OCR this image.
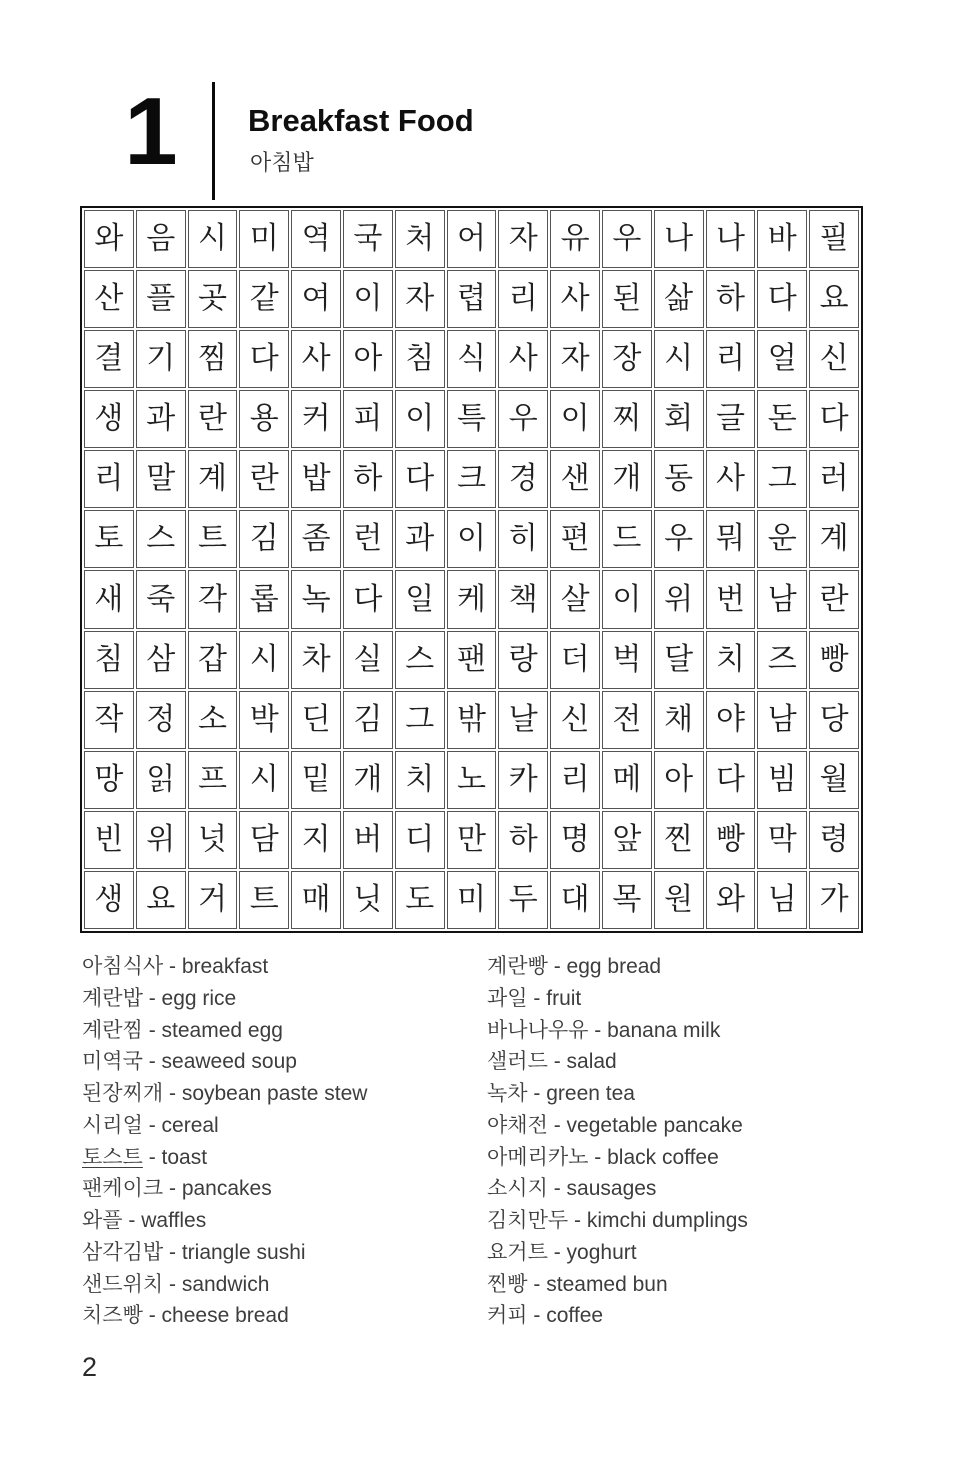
1	Breakfast Food
아침밥
와	음	시	미	역	국	처	어	자	유	우	나	나	바	필
산	플	곳	같	여	이	자	렵	리	사	된	삶	하	다	요
결	기	찜	다	사	아	침	식	사	자	장	시	리	얼	신
생	과	란	용	커	피	이	특	우	이	찌	회	글	돈	다
리	말	계	란	밥	하	다	크	경	샌	개	동	사	그	러
토	스	트	김	좀	런	과	이	히	편	드	우	뭐	운	계
새	죽	각	롭	녹	다	일	케	책	살	이	위	번	남	란
침	삼	갑	시	차	실	스	팬	랑	더	벅	달	치	즈	빵
작	정	소	박	딘	김	그	밖	날	신	전	채	야	남	당
망	읽	프	시	밑	개	치	노	카	리	메	아	다	빔	월
빈	위	넛	담	지	버	디	만	하	명	앞	찐	빵	막	령
생	요	거	트	매	닛	도	미	두	대	목	원	와	님	가
아침식사 - breakfast
계란밥 - egg rice
계란찜 - steamed egg
미역국 - seaweed soup
된장찌개 - soybean paste stew
시리얼 - cereal
토스트 - toast
팬케이크 - pancakes
와플 - waffles
삼각김밥 - triangle sushi
샌드위치 - sandwich
치즈빵 - cheese bread
계란빵 - egg bread
과일 - fruit
바나나우유 - banana milk
샐러드 - salad
녹차 - green tea
야채전 - vegetable pancake
아메리카노 - black coffee
소시지 - sausages
김치만두 - kimchi dumplings
요거트 - yoghurt
찐빵 - steamed bun
커피 - coffee
2
